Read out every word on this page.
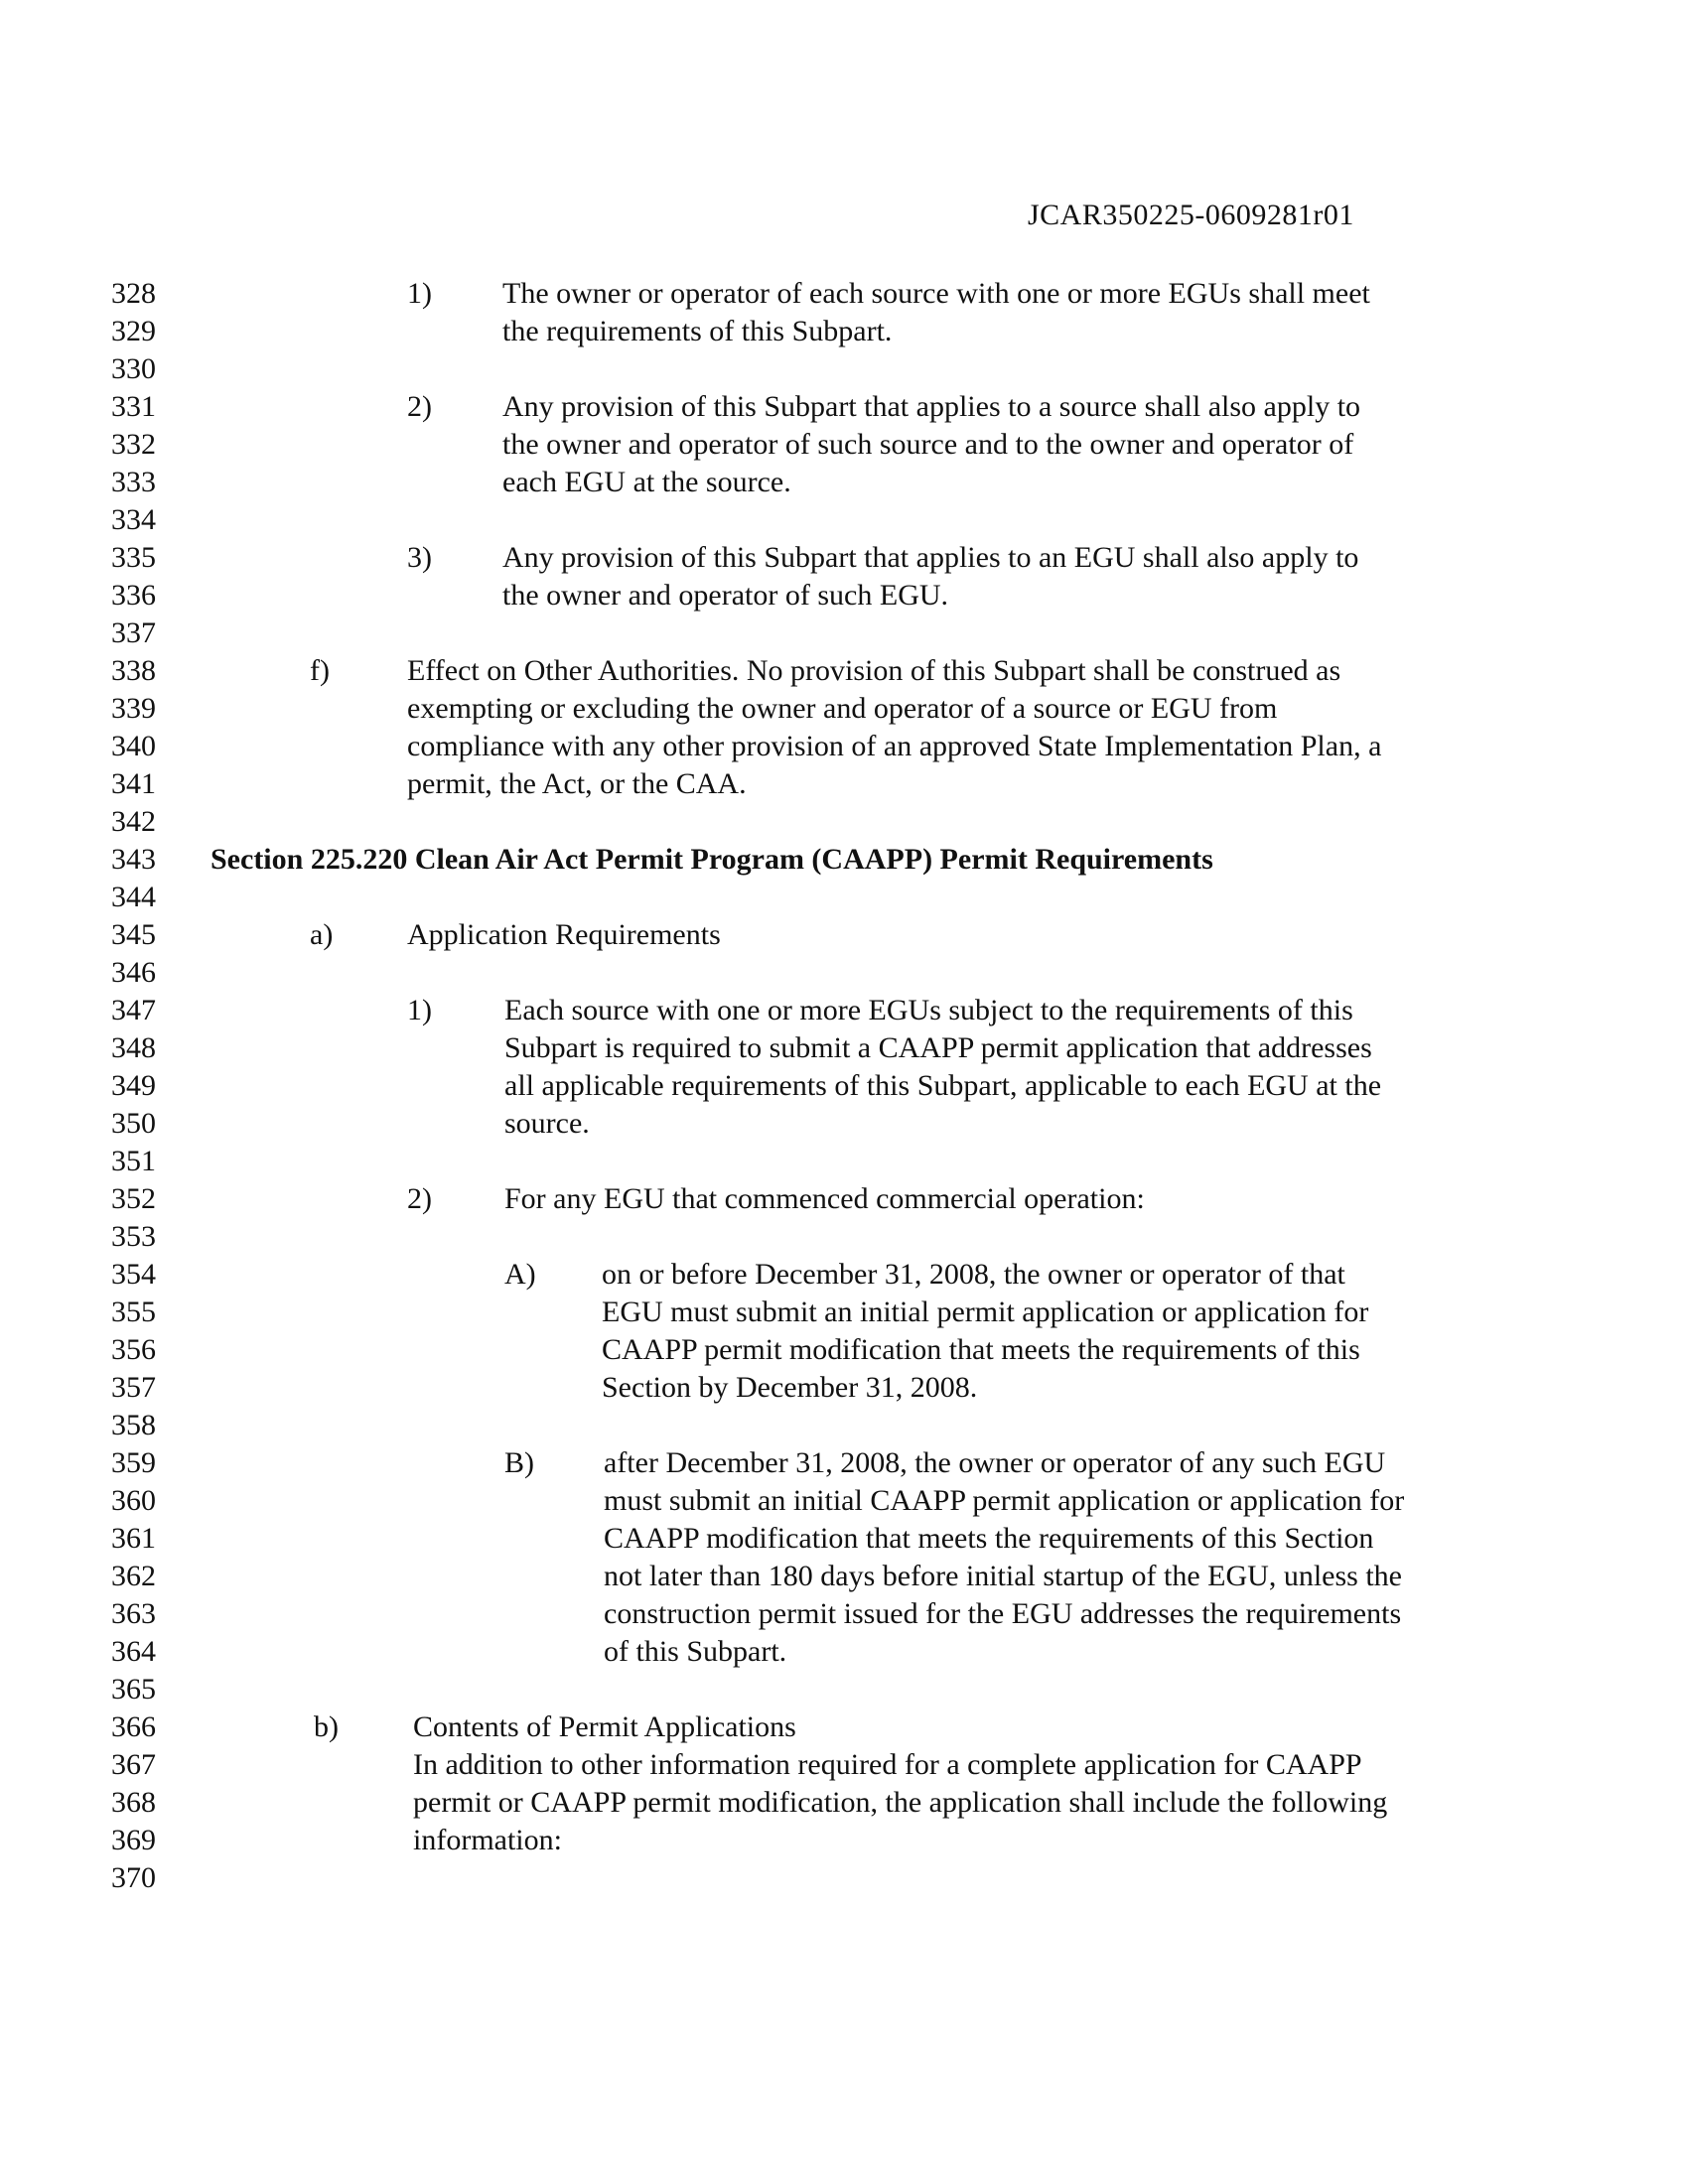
JCAR350225-0609281r01
328	1) The owner or operator of each source with one or more EGUs shall meet
329	the requirements of this Subpart.
330
331	2) Any provision of this Subpart that applies to a source shall also apply to
332	the owner and operator of such source and to the owner and operator of
333	each EGU at the source.
334
335	3) Any provision of this Subpart that applies to an EGU shall also apply to
336	the owner and operator of such EGU.
337
338	f)	Effect on Other Authorities. No provision of this Subpart shall be construed as
339	exempting or excluding the owner and operator of a source or EGU from
340	compliance with any other provision of an approved State Implementation Plan, a
341	permit, the Act, or the CAA.
342
343	Section 225.220 Clean Air Act Permit Program (CAAPP) Permit Requirements
344
345	a) Application Requirements
346
347	1) Each source with one or more EGUs subject to the requirements of this
348	Subpart is required to submit a CAAPP permit application that addresses
349	all applicable requirements of this Subpart, applicable to each EGU at the
350	source.
351
352	2) For any EGU that commenced commercial operation:
353
354	A) on or before December 31, 2008, the owner or operator of that
355	EGU must submit an initial permit application or application for
356	CAAPP permit modification that meets the requirements of this
357	Section by December 31, 2008.
358
359	B) after December 31, 2008, the owner or operator of any such EGU
360	must submit an initial CAAPP permit application or application for
361	CAAPP modification that meets the requirements of this Section
362	not later than 180 days before initial startup of the EGU, unless the
363	construction permit issued for the EGU addresses the requirements
364	of this Subpart.
365
366	b)	Contents of Permit Applications
367	In addition to other information required for a complete application for CAAPP
368	permit or CAAPP permit modification, the application shall include the following
369	information:
370
